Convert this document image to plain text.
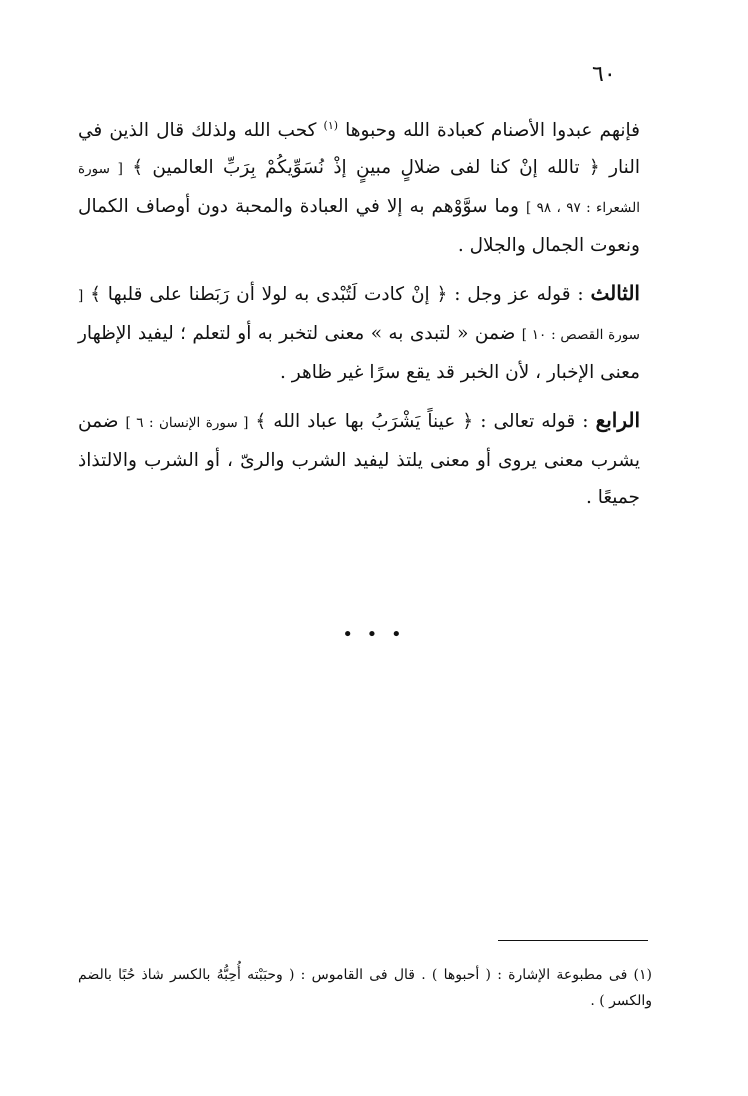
٦٠

فإنهم عبدوا الأصنام كعبادة الله وحبوها $^{(١)}$ كحب الله ولذلك قال الذين في النار ﴿ تالله إنْ كنا لفى ضلالٍ مبينٍ إذْ نُسَوِّيكُمْ بِرَبِّ العالمين ﴾ [ سورة الشعراء : ٩٧ ، ٩٨ ] وما سوَّوْهم به إلا في العبادة والمحبة دون أوصاف الكمال ونعوت الجمال والجلال .

الثالث : قوله عز وجل : ﴿ إنْ كادت لَتُبْدى به لولا أن رَبَطنا على قلبها ﴾ [ سورة القصص : ١٠ ] ضمن « لتبدى به » معنى لتخبر به أو لتعلم ؛ ليفيد الإظهار معنى الإخبار ، لأن الخبر قد يقع سرًا غير ظاهر .

الرابع : قوله تعالى : ﴿ عيناً يَشْرَبُ بها عباد الله ﴾ [ سورة الإنسان : ٦ ] ضمن يشرب معنى يروى أو معنى يلتذ ليفيد الشرب والرىّ ، أو الشرب والالتذاذ جميعًا .

• • •

(١) فى مطبوعة الإشارة : ( أحبوها ) . قال فى القاموس : ( وحبَبْته أُحِبُّهُ بالكسر شاذ حُبًا بالضم والكسر ) .
